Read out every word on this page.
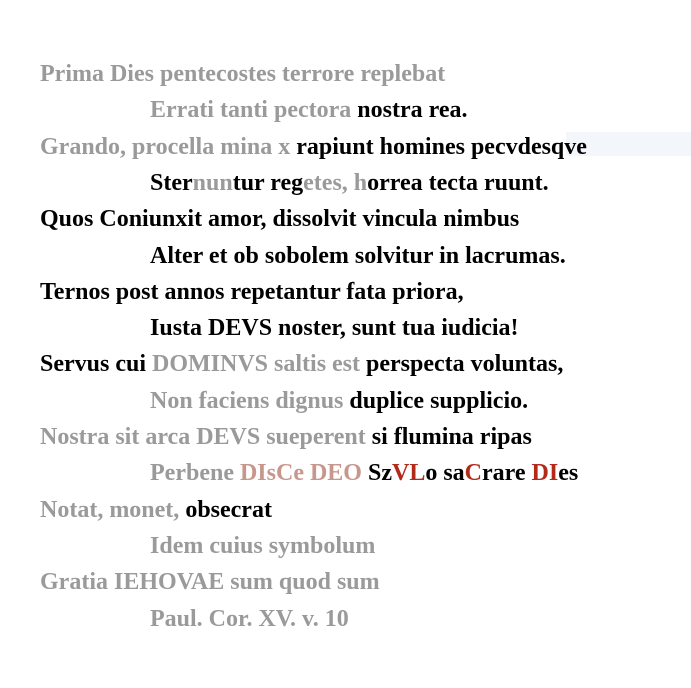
Prima Dies pentecostes terrore replebat
Errati tanti pectora nostra rea.
Grando, procella mina x rapiunt homines pecvdesqve
Sternuntur regetes, horrea tecta ruunt.
Quos Coniunxit amor, dissolvit vincula nimbus
Alter et ob sobolem solvitur in lacrumas.
Ternos post annos repetantur fata priora,
Iusta DEVS noster, sunt tua iudicia!
Servus cui DOMINVS saltis est perspecta voluntas,
Non faciens dignus duplice supplicio.
Nostra sit arca DEVS sueperent si flumina ripas
Perbene DIsCe DEO SzVLo saCrare DIes
Notat, monet, obsecrat
Idem cuius symbolum
Gratia IEHOVAE sum quod sum
Paul. Cor. XV. v. 10
